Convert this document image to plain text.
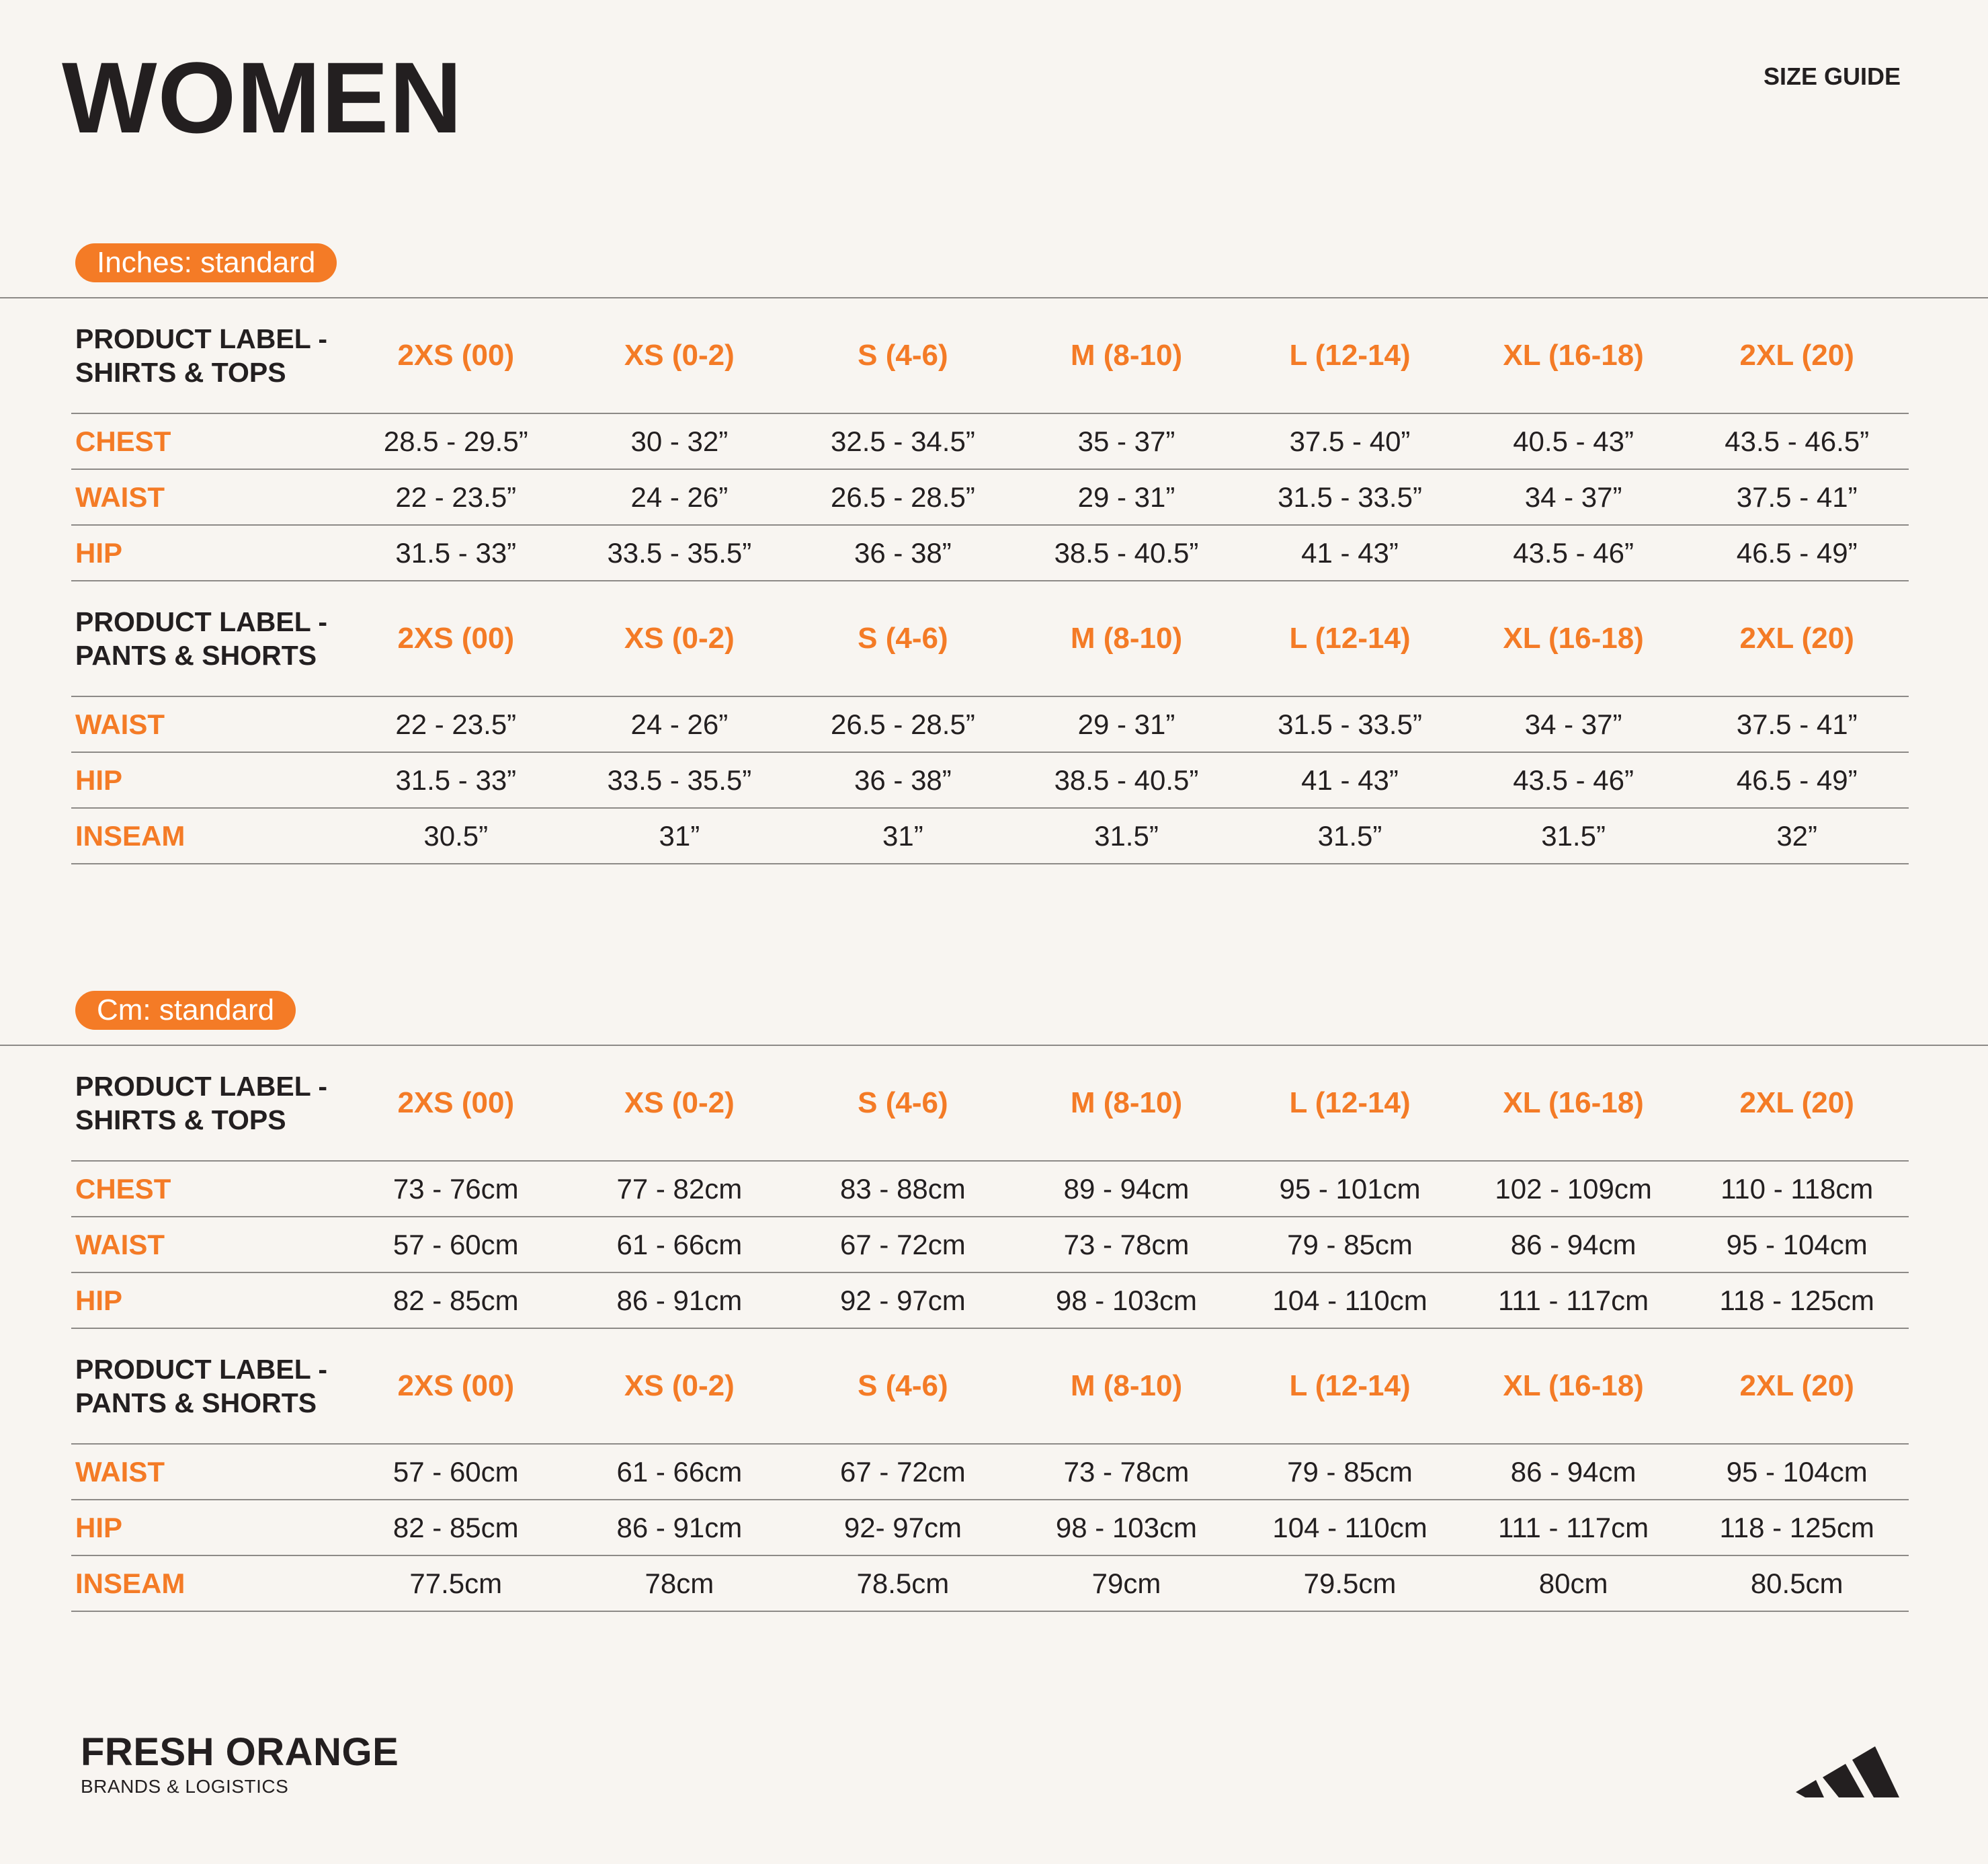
WOMEN	SIZE GUIDE
Inches: standard
PRODUCT LABEL - SHIRTS & TOPS	2XS (00)	XS (0-2)	S (4-6)	M (8-10)	L (12-14)	XL (16-18)	2XL (20)
CHEST	28.5 - 29.5”	30 - 32”	32.5 - 34.5”	35 - 37”	37.5 - 40”	40.5 - 43”	43.5 - 46.5”
WAIST	22 - 23.5”	24 - 26”	26.5 - 28.5”	29 - 31”	31.5 - 33.5”	34 - 37”	37.5 - 41”
HIP	31.5 - 33”	33.5 - 35.5”	36 - 38”	38.5 - 40.5”	41 - 43”	43.5 - 46”	46.5 - 49”
PRODUCT LABEL - PANTS & SHORTS	2XS (00)	XS (0-2)	S (4-6)	M (8-10)	L (12-14)	XL (16-18)	2XL (20)
WAIST	22 - 23.5”	24 - 26”	26.5 - 28.5”	29 - 31”	31.5 - 33.5”	34 - 37”	37.5 - 41”
HIP	31.5 - 33”	33.5 - 35.5”	36 - 38”	38.5 - 40.5”	41 - 43”	43.5 - 46”	46.5 - 49”
INSEAM	30.5”	31”	31”	31.5”	31.5”	31.5”	32”
Cm: standard
PRODUCT LABEL - SHIRTS & TOPS	2XS (00)	XS (0-2)	S (4-6)	M (8-10)	L (12-14)	XL (16-18)	2XL (20)
CHEST	73 - 76cm	77 - 82cm	83 - 88cm	89 - 94cm	95 - 101cm	102 - 109cm	110 - 118cm
WAIST	57 - 60cm	61 - 66cm	67 - 72cm	73 - 78cm	79 - 85cm	86 - 94cm	95 - 104cm
HIP	82 - 85cm	86 - 91cm	92 - 97cm	98 - 103cm	104 - 110cm	111 - 117cm	118 - 125cm
PRODUCT LABEL - PANTS & SHORTS	2XS (00)	XS (0-2)	S (4-6)	M (8-10)	L (12-14)	XL (16-18)	2XL (20)
WAIST	57 - 60cm	61 - 66cm	67 - 72cm	73 - 78cm	79 - 85cm	86 - 94cm	95 - 104cm
HIP	82 - 85cm	86 - 91cm	92- 97cm	98 - 103cm	104 - 110cm	111 - 117cm	118 - 125cm
INSEAM	77.5cm	78cm	78.5cm	79cm	79.5cm	80cm	80.5cm
FRESH ORANGE
BRANDS & LOGISTICS
